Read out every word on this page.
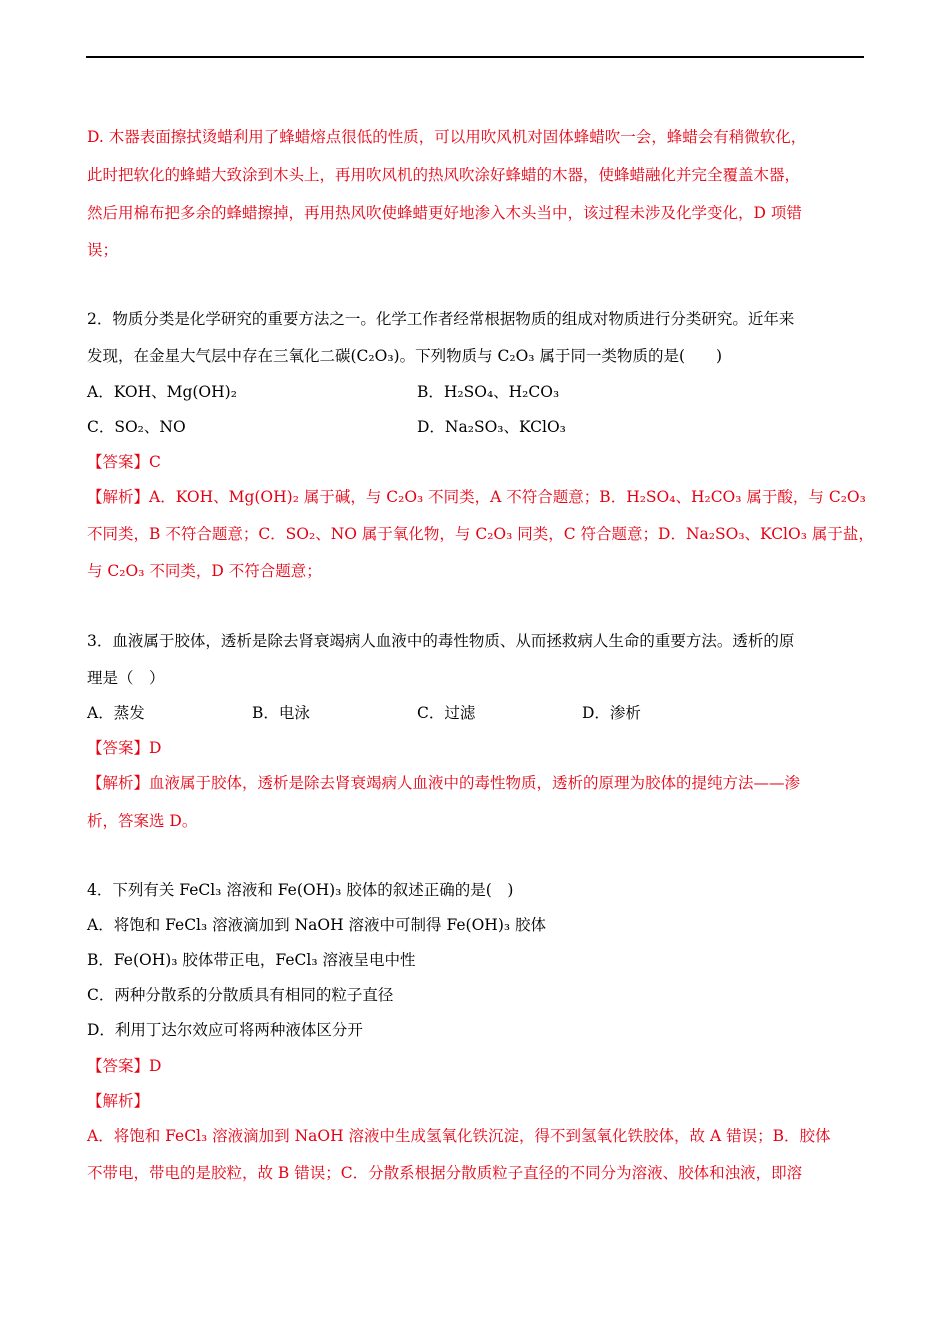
D. 木器表面擦拭烫蜡利用了蜂蜡熔点很低的性质，可以用吹风机对固体蜂蜡吹一会，蜂蜡会有稍微软化，
此时把软化的蜂蜡大致涂到木头上，再用吹风机的热风吹涂好蜂蜡的木器，使蜂蜡融化并完全覆盖木器，
然后用棉布把多余的蜂蜡擦掉，再用热风吹使蜂蜡更好地渗入木头当中，该过程未涉及化学变化，D 项错
误；
2．物质分类是化学研究的重要方法之一。化学工作者经常根据物质的组成对物质进行分类研究。近年来
发现，在金星大气层中存在三氧化二碳(C₂O₃)。下列物质与 C₂O₃ 属于同一类物质的是(　　)
A．KOH、Mg(OH)₂	B．H₂SO₄、H₂CO₃
C．SO₂、NO	D．Na₂SO₃、KClO₃
【答案】C
【解析】A．KOH、Mg(OH)₂ 属于碱，与 C₂O₃ 不同类，A 不符合题意；B．H₂SO₄、H₂CO₃ 属于酸，与 C₂O₃
不同类，B 不符合题意；C．SO₂、NO 属于氧化物，与 C₂O₃ 同类，C 符合题意；D．Na₂SO₃、KClO₃ 属于盐，
与 C₂O₃ 不同类，D 不符合题意；
3．血液属于胶体，透析是除去肾衰竭病人血液中的毒性物质、从而拯救病人生命的重要方法。透析的原
理是（　）
A．蒸发	B．电泳	C．过滤	D．渗析
【答案】D
【解析】血液属于胶体，透析是除去肾衰竭病人血液中的毒性物质，透析的原理为胶体的提纯方法——渗
析，答案选 D。
4．下列有关 FeCl₃ 溶液和 Fe(OH)₃ 胶体的叙述正确的是(　)
A．将饱和 FeCl₃ 溶液滴加到 NaOH 溶液中可制得 Fe(OH)₃ 胶体
B．Fe(OH)₃ 胶体带正电，FeCl₃ 溶液呈电中性
C．两种分散系的分散质具有相同的粒子直径
D．利用丁达尔效应可将两种液体区分开
【答案】D
【解析】
A．将饱和 FeCl₃ 溶液滴加到 NaOH 溶液中生成氢氧化铁沉淀，得不到氢氧化铁胶体，故 A 错误；B．胶体
不带电，带电的是胶粒，故 B 错误；C．分散系根据分散质粒子直径的不同分为溶液、胶体和浊液，即溶
